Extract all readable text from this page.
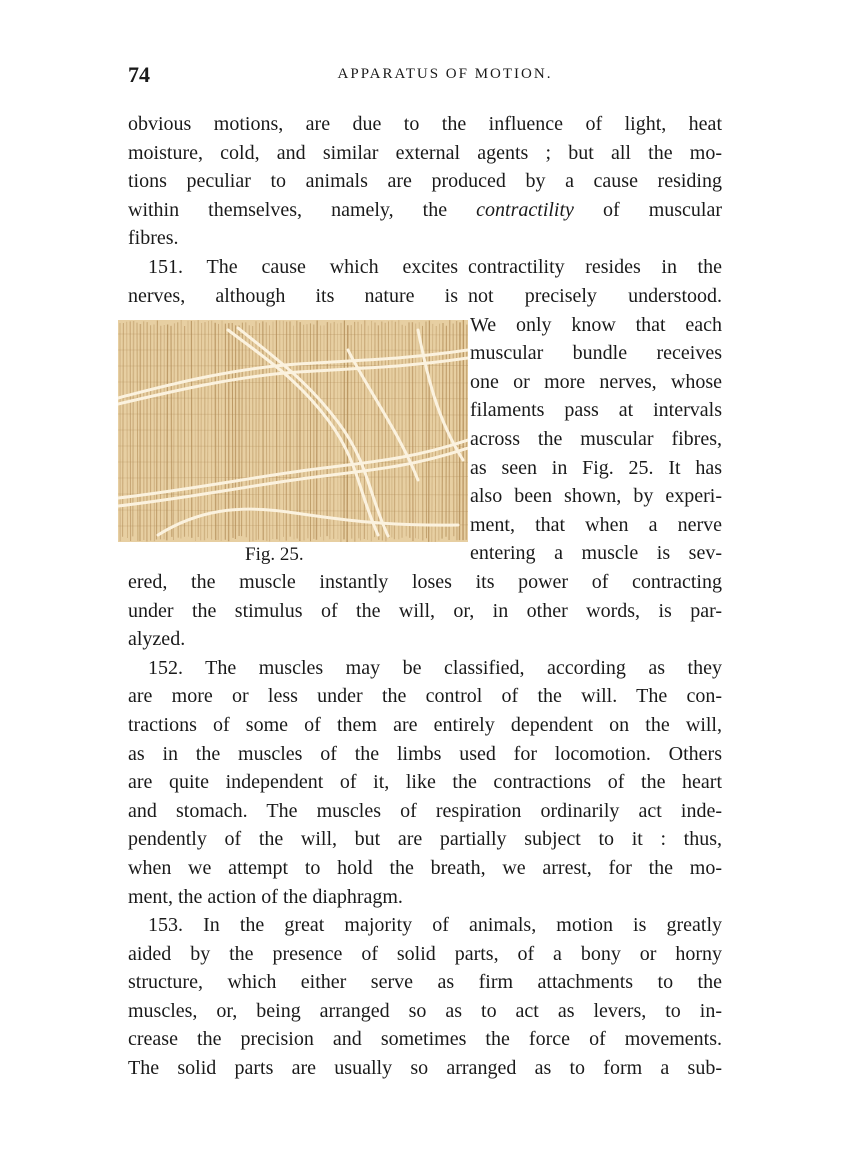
74	APPARATUS OF MOTION.
obvious motions, are due to the influence of light, heat
moisture, cold, and similar external agents ; but all the mo-
tions peculiar to animals are produced by a cause residing
within themselves, namely, the contractility of muscular
fibres.
151. The cause which excites contractility resides in the
nerves, although its nature is not precisely understood.
We only know that each
muscular bundle receives
one or more nerves, whose
filaments pass at intervals
across the muscular fibres,
as seen in Fig. 25. It has
also been shown, by experi-
ment, that when a nerve
Fig. 25.	entering a muscle is sev-
ered, the muscle instantly loses its power of contracting
under the stimulus of the will, or, in other words, is par-
alyzed.
152. The muscles may be classified, according as they
are more or less under the control of the will. The con-
tractions of some of them are entirely dependent on the will,
as in the muscles of the limbs used for locomotion. Others
are quite independent of it, like the contractions of the heart
and stomach. The muscles of respiration ordinarily act inde-
pendently of the will, but are partially subject to it : thus,
when we attempt to hold the breath, we arrest, for the mo-
ment, the action of the diaphragm.
153. In the great majority of animals, motion is greatly
aided by the presence of solid parts, of a bony or horny
structure, which either serve as firm attachments to the
muscles, or, being arranged so as to act as levers, to in-
crease the precision and sometimes the force of movements.
The solid parts are usually so arranged as to form a sub-
